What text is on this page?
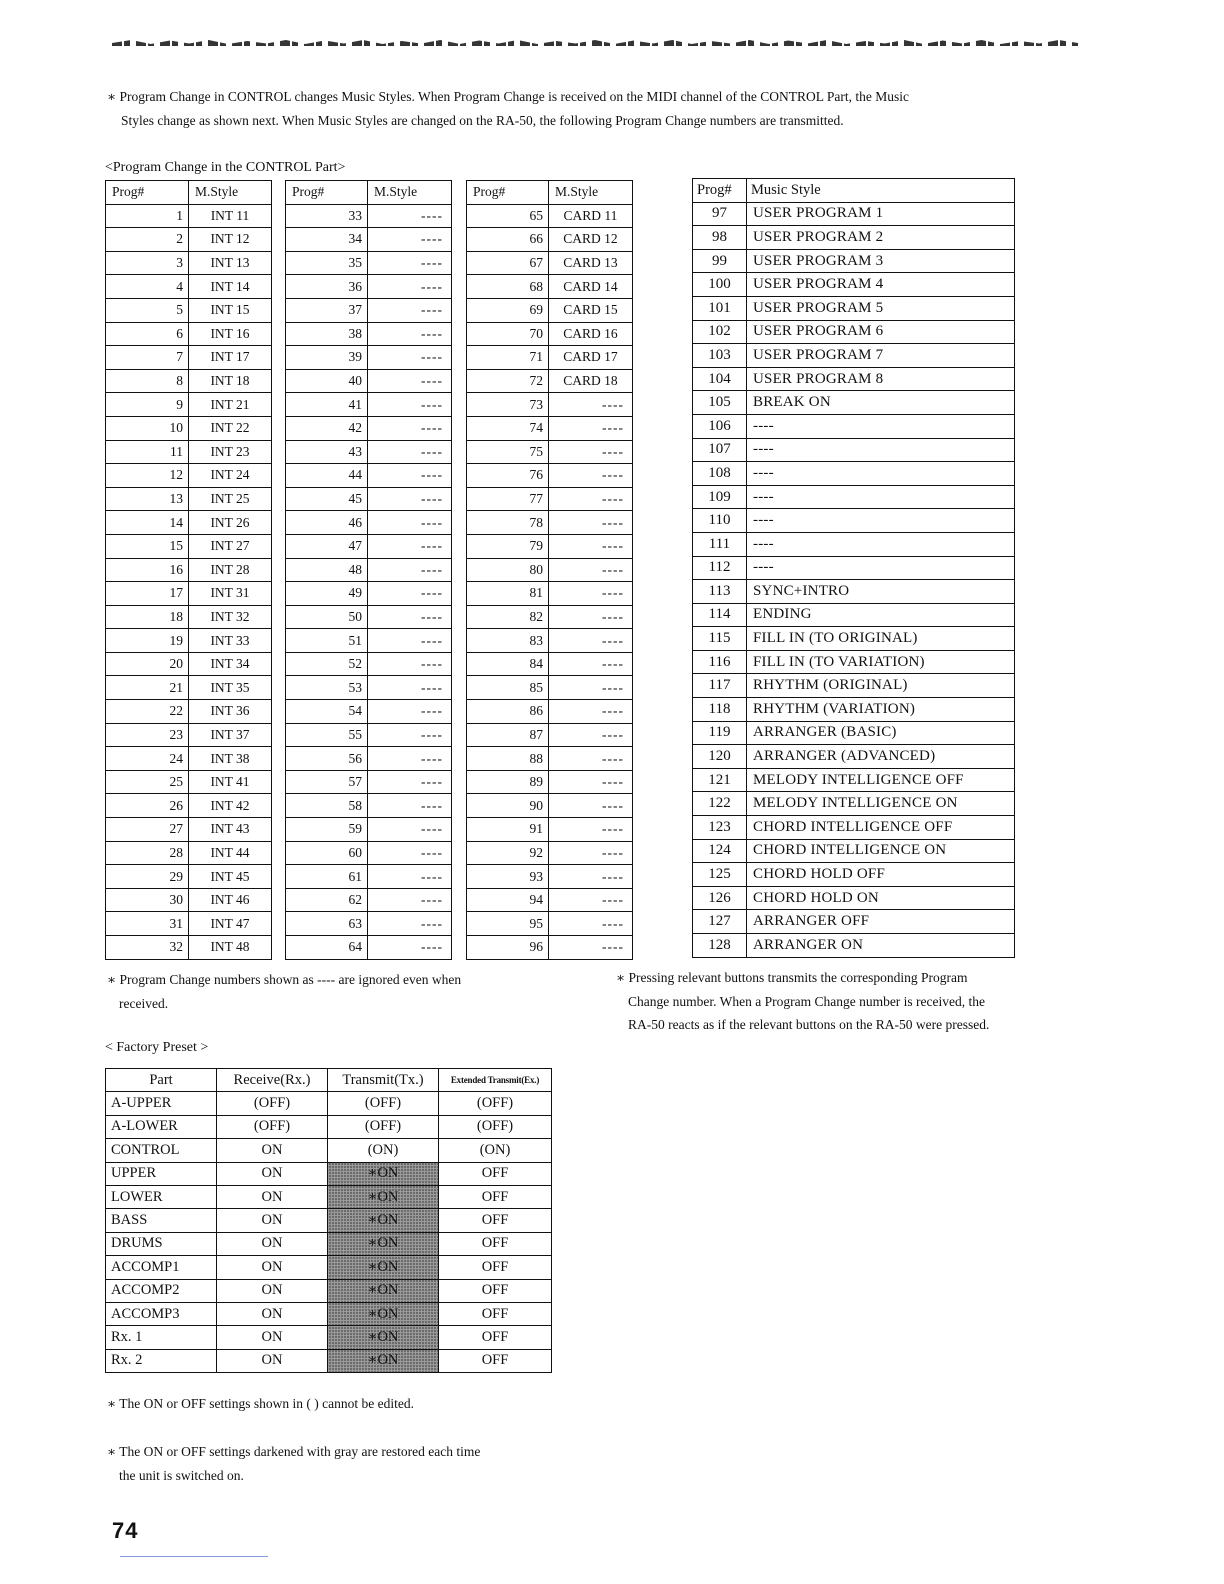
∗ Program Change in CONTROL changes Music Styles. When Program Change is received on the MIDI channel of the CONTROL Part, the Music
Styles change as shown next. When Music Styles are changed on the RA-50, the following Program Change numbers are transmitted.
<Program Change in the CONTROL Part>
Prog#	M.Style
1	INT 11
2	INT 12
3	INT 13
4	INT 14
5	INT 15
6	INT 16
7	INT 17
8	INT 18
9	INT 21
10	INT 22
11	INT 23
12	INT 24
13	INT 25
14	INT 26
15	INT 27
16	INT 28
17	INT 31
18	INT 32
19	INT 33
20	INT 34
21	INT 35
22	INT 36
23	INT 37
24	INT 38
25	INT 41
26	INT 42
27	INT 43
28	INT 44
29	INT 45
30	INT 46
31	INT 47
32	INT 48
Prog#	M.Style
33	----
34	----
35	----
36	----
37	----
38	----
39	----
40	----
41	----
42	----
43	----
44	----
45	----
46	----
47	----
48	----
49	----
50	----
51	----
52	----
53	----
54	----
55	----
56	----
57	----
58	----
59	----
60	----
61	----
62	----
63	----
64	----
Prog#	M.Style
65	CARD 11
66	CARD 12
67	CARD 13
68	CARD 14
69	CARD 15
70	CARD 16
71	CARD 17
72	CARD 18
73	----
74	----
75	----
76	----
77	----
78	----
79	----
80	----
81	----
82	----
83	----
84	----
85	----
86	----
87	----
88	----
89	----
90	----
91	----
92	----
93	----
94	----
95	----
96	----
Prog#	Music Style
97	USER PROGRAM 1
98	USER PROGRAM 2
99	USER PROGRAM 3
100	USER PROGRAM 4
101	USER PROGRAM 5
102	USER PROGRAM 6
103	USER PROGRAM 7
104	USER PROGRAM 8
105	BREAK ON
106	----
107	----
108	----
109	----
110	----
111	----
112	----
113	SYNC+INTRO
114	ENDING
115	FILL IN (TO ORIGINAL)
116	FILL IN (TO VARIATION)
117	RHYTHM (ORIGINAL)
118	RHYTHM (VARIATION)
119	ARRANGER (BASIC)
120	ARRANGER (ADVANCED)
121	MELODY INTELLIGENCE OFF
122	MELODY INTELLIGENCE ON
123	CHORD INTELLIGENCE OFF
124	CHORD INTELLIGENCE ON
125	CHORD HOLD OFF
126	CHORD HOLD ON
127	ARRANGER OFF
128	ARRANGER ON
∗ Program Change numbers shown as ---- are ignored even when
received.
∗ Pressing relevant buttons transmits the corresponding Program
Change number. When a Program Change number is received, the
RA-50 reacts as if the relevant buttons on the RA-50 were pressed.
< Factory Preset >
Part	Receive(Rx.)	Transmit(Tx.)	Extended Transmit(Ex.)
A-UPPER	(OFF)	(OFF)	(OFF)
A-LOWER	(OFF)	(OFF)	(OFF)
CONTROL	ON	(ON)	(ON)
UPPER	ON	∗ON	OFF
LOWER	ON	∗ON	OFF
BASS	ON	∗ON	OFF
DRUMS	ON	∗ON	OFF
ACCOMP1	ON	∗ON	OFF
ACCOMP2	ON	∗ON	OFF
ACCOMP3	ON	∗ON	OFF
Rx. 1	ON	∗ON	OFF
Rx. 2	ON	∗ON	OFF
∗ The ON or OFF settings shown in ( ) cannot be edited.
∗ The ON or OFF settings darkened with gray are restored each time
the unit is switched on.
74
